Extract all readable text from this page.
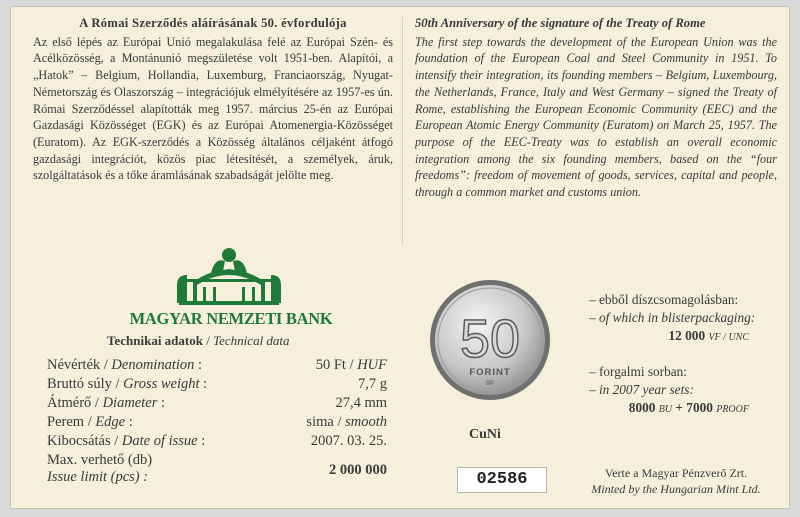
A Római Szerződés aláírásának 50. évfordulója
Az első lépés az Európai Unió megalakulása felé az Európai Szén- és Acélközösség, a Montánunió megszületése volt 1951-ben. Alapítói, a „Hatok” – Belgium, Hollandia, Luxemburg, Franciaország, Nyugat-Németország és Olaszország – integrációjuk elmélyítésére az 1957-es ún. Római Szerződéssel alapították meg 1957. március 25-én az Európai Gazdasági Közösséget (EGK) és az Európai Atomenergia-Közösséget (Euratom). Az EGK-szerződés a Közösség általános céljaként átfogó gazdasági integrációt, közös piac létesítését, a személyek, áruk, szolgáltatások és a tőke áramlásának szabadságát jelölte meg.
50th Anniversary of the signature of the Treaty of Rome
The first step towards the development of the European Union was the foundation of the European Coal and Steel Community in 1951. To intensify their integration, its founding members – Belgium, Luxembourg, the Netherlands, France, Italy and West Germany – signed the Treaty of Rome, establishing the European Economic Community (EEC) and the European Atomic Energy Community (Euratom) on March 25, 1957. The purpose of the EEC-Treaty was to establish an overall economic integration among the six founding members, based on the “four freedoms”: freedom of movement of goods, services, capital and people, through a common market and customs union.
MAGYAR NEMZETI BANK
Technikai adatok / Technical data
Névérték / Denomination :	50 Ft / HUF
Bruttó súly / Gross weight :	7,7 g
Átmérő / Diameter :	27,4 mm
Perem / Edge :	sima / smooth
Kibocsátás / Date of issue :	2007. 03. 25.
Max. verhető (db)
Issue limit (pcs) :	2 000 000
50
FORINT
BP
CuNi
02586
– ebből díszcsomagolásban:
– of which in blisterpackaging:
12 000 VF / UNC
– forgalmi sorban:
– in 2007 year sets:
8000 BU + 7000 PROOF
Verte a Magyar Pénzverő Zrt.
Minted by the Hungarian Mint Ltd.
